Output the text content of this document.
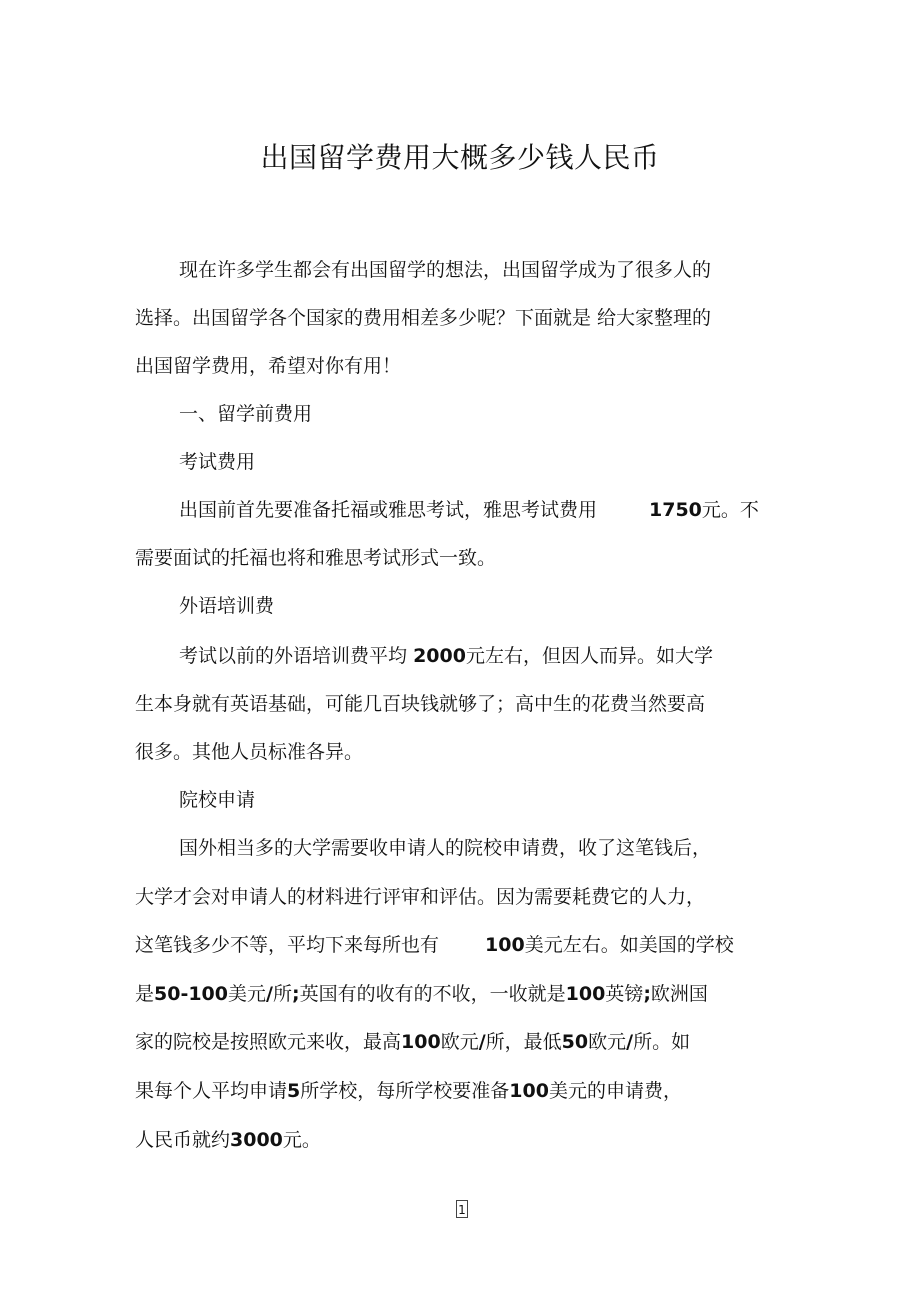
出国留学费用大概多少钱人民币
现在许多学生都会有出国留学的想法，出国留学成为了很多人的
选择。出国留学各个国家的费用相差多少呢？下面就是 给大家整理的
出国留学费用，希望对你有用！
一、留学前费用
考试费用
出国前首先要准备托福或雅思考试，雅思考试费用	1750元。不
需要面试的托福也将和雅思考试形式一致。
外语培训费
考试以前的外语培训费平均 2000元左右，但因人而异。如大学
生本身就有英语基础，可能几百块钱就够了；高中生的花费当然要高
很多。其他人员标准各异。
院校申请
国外相当多的大学需要收申请人的院校申请费，收了这笔钱后，
大学才会对申请人的材料进行评审和评估。因为需要耗费它的人力，
这笔钱多少不等，平均下来每所也有 100美元左右。如美国的学校
是50-100美元/所;英国有的收有的不收，一收就是100英镑;欧洲国
家的院校是按照欧元来收，最高100欧元/所，最低50欧元/所。如
果每个人平均申请5所学校，每所学校要准备100美元的申请费，
人民币就约3000元。
1
